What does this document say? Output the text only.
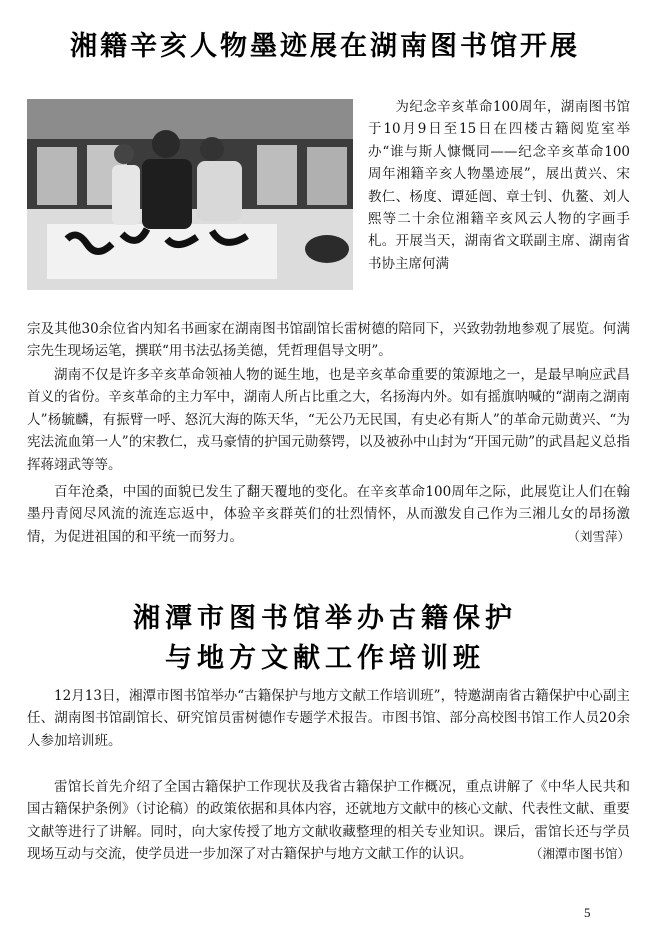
湘籍辛亥人物墨迹展在湖南图书馆开展

为纪念辛亥革命100周年，湖南图书馆于10月9日至15日在四楼古籍阅览室举办“谁与斯人慷慨同——纪念辛亥革命100周年湘籍辛亥人物墨迹展”，展出黄兴、宋教仁、杨度、谭延闿、章士钊、仇鳌、刘人熙等二十余位湘籍辛亥风云人物的字画手札。开展当天，湖南省文联副主席、湖南省书协主席何满

宗及其他30余位省内知名书画家在湖南图书馆副馆长雷树德的陪同下，兴致勃勃地参观了展览。何满宗先生现场运笔，撰联“用书法弘扬美德，凭哲理倡导文明”。

湖南不仅是许多辛亥革命领袖人物的诞生地，也是辛亥革命重要的策源地之一，是最早响应武昌首义的省份。辛亥革命的主力军中，湖南人所占比重之大，名扬海内外。如有摇旗呐喊的“湖南之湖南人”杨毓麟，有振臂一呼、怒沉大海的陈天华，“无公乃无民国，有史必有斯人”的革命元勋黄兴、“为宪法流血第一人”的宋教仁，戎马豪情的护国元勋蔡锷，以及被孙中山封为“开国元勋”的武昌起义总指挥蒋翊武等等。

百年沧桑，中国的面貌已发生了翻天覆地的变化。在辛亥革命100周年之际，此展览让人们在翰墨丹青阅尽风流的流连忘返中，体验辛亥群英们的壮烈情怀，从而激发自己作为三湘儿女的昂扬激情，为促进祖国的和平统一而努力。	（刘雪萍）

湘潭市图书馆举办古籍保护
与地方文献工作培训班

12月13日，湘潭市图书馆举办“古籍保护与地方文献工作培训班”，特邀湖南省古籍保护中心副主任、湖南图书馆副馆长、研究馆员雷树德作专题学术报告。市图书馆、部分高校图书馆工作人员20余人参加培训班。

雷馆长首先介绍了全国古籍保护工作现状及我省古籍保护工作概况，重点讲解了《中华人民共和国古籍保护条例》（讨论稿）的政策依据和具体内容，还就地方文献中的核心文献、代表性文献、重要文献等进行了讲解。同时，向大家传授了地方文献收藏整理的相关专业知识。课后，雷馆长还与学员现场互动与交流，使学员进一步加深了对古籍保护与地方文献工作的认识。	（湘潭市图书馆）

5
